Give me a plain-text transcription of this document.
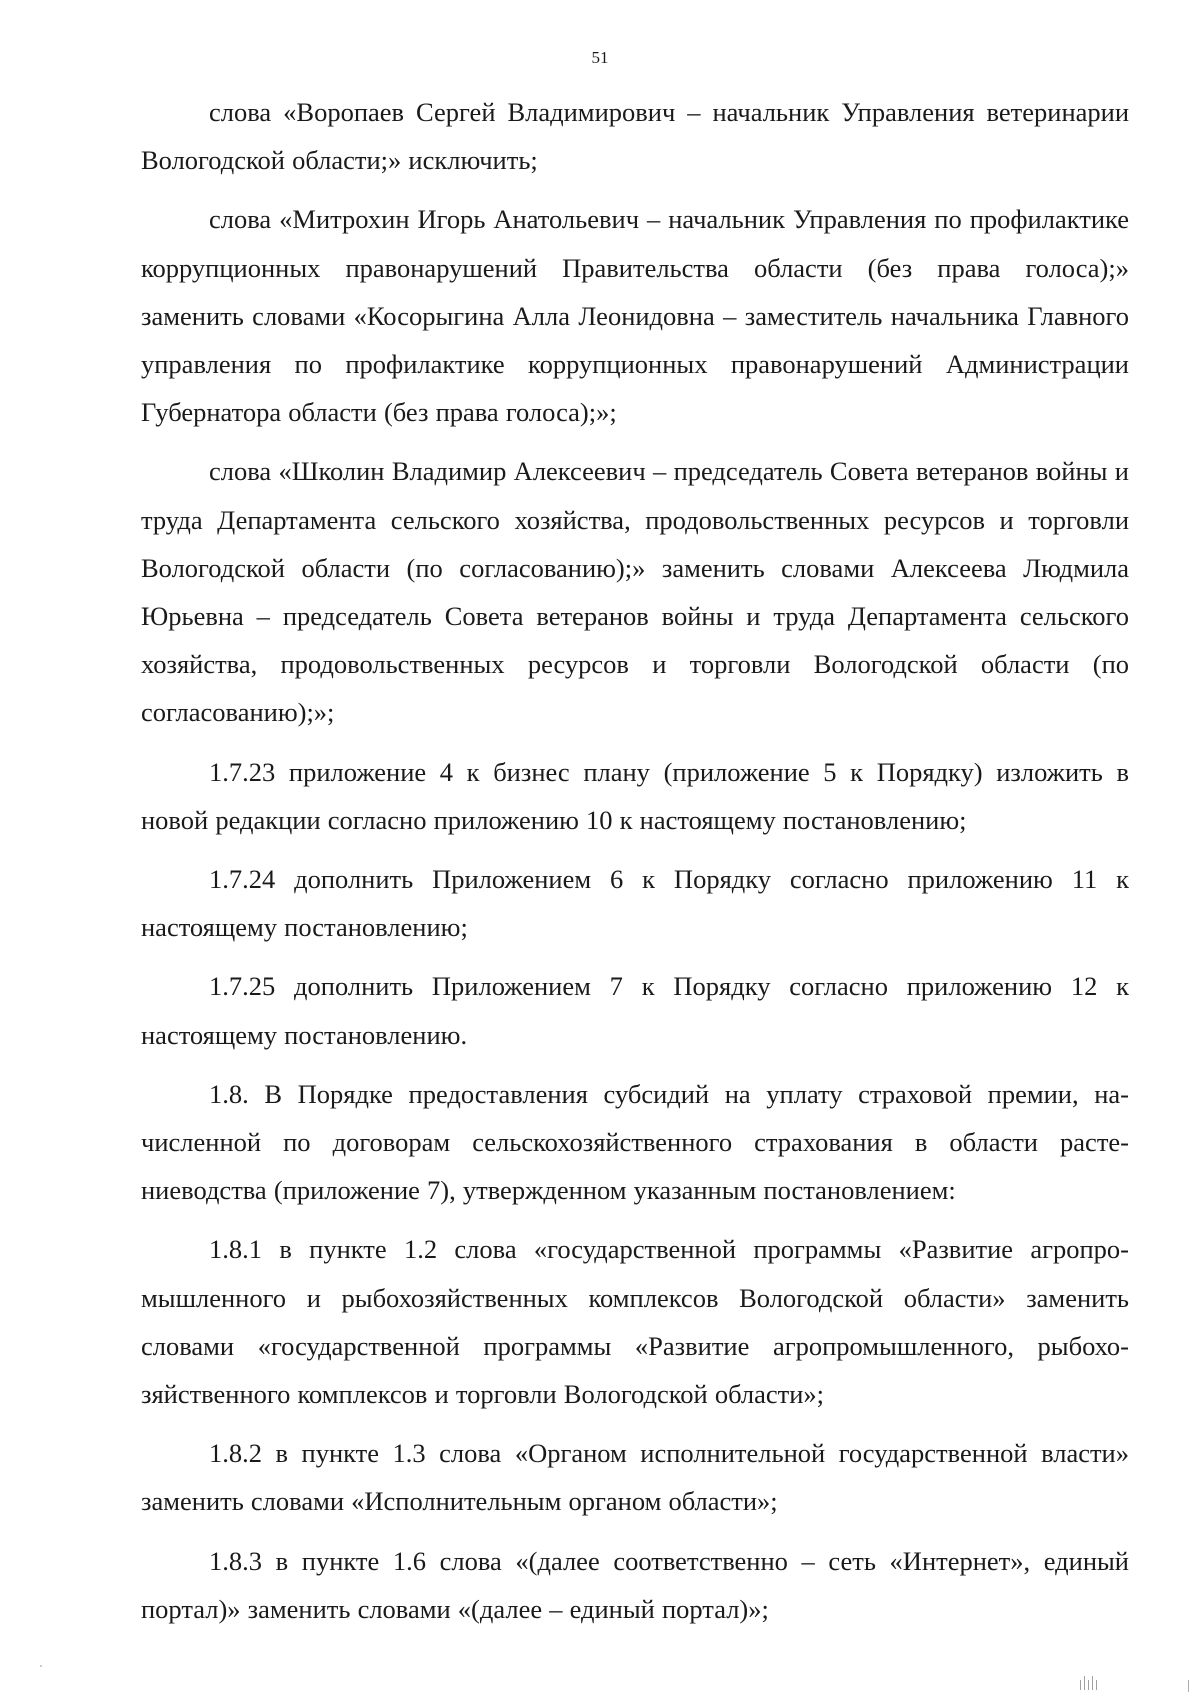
51

слова «Воропаев Сергей Владимирович – начальник Управления ветеринарии Вологодской области;» исключить;

слова «Митрохин Игорь Анатольевич – начальник Управления по профилактике коррупционных правонарушений Правительства области (без права голоса);» заменить словами «Косорыгина Алла Леонидовна – заместитель начальника Главного управления по профилактике коррупционных правонарушений Администрации Губернатора области (без права голоса);»;

слова «Школин Владимир Алексеевич – председатель Совета ветеранов войны и труда Департамента сельского хозяйства, продовольственных ресурсов и торговли Вологодской области (по согласованию);» заменить словами Алексеева Людмила Юрьевна – председатель Совета ветеранов войны и труда Департамента сельского хозяйства, продовольственных ресурсов и торговли Вологодской области (по согласованию);»;

1.7.23 приложение 4 к бизнес плану (приложение 5 к Порядку) изложить в новой редакции согласно приложению 10 к настоящему постановлению;

1.7.24 дополнить Приложением 6 к Порядку согласно приложению 11 к настоящему постановлению;

1.7.25 дополнить Приложением 7 к Порядку согласно приложению 12 к настоящему постановлению.

1.8. В Порядке предоставления субсидий на уплату страховой премии, начисленной по договорам сельскохозяйственного страхования в области растениеводства (приложение 7), утвержденном указанным постановлением:

1.8.1 в пункте 1.2 слова «государственной программы «Развитие агропромышленного и рыбохозяйственных комплексов Вологодской области» заменить словами «государственной программы «Развитие агропромышленного, рыбохозяйственного комплексов и торговли Вологодской области»;

1.8.2 в пункте 1.3 слова «Органом исполнительной государственной власти» заменить словами «Исполнительным органом области»;

1.8.3 в пункте 1.6 слова «(далее соответственно – сеть «Интернет», единый портал)» заменить словами «(далее – единый портал)»;
